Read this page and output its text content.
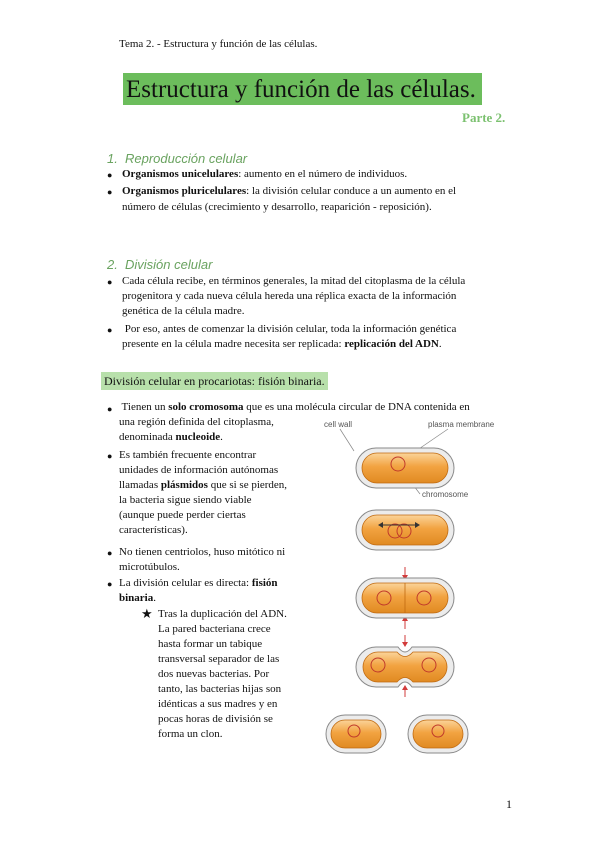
Tema 2. - Estructura y función de las células.
Estructura y función de las células.
Parte 2.
1. Reproducción celular
● Organismos unicelulares: aumento en el número de individuos.
● Organismos pluricelulares: la división celular conduce a un aumento en el
número de células (crecimiento y desarrollo, reaparición - reposición).
2. División celular
● Cada célula recibe, en términos generales, la mitad del citoplasma de la célula
progenitora y cada nueva célula hereda una réplica exacta de la información
genética de la célula madre.
● Por eso, antes de comenzar la división celular, toda la información genética
presente en la célula madre necesita ser replicada: replicación del ADN.
División celular en procariotas: fisión binaria.
● Tienen un solo cromosoma que es una molécula circular de DNA contenida en
una región definida del citoplasma,
denominada nucleoide.
● Es también frecuente encontrar
unidades de información autónomas
llamadas plásmidos que si se pierden,
la bacteria sigue siendo viable
(aunque puede perder ciertas
características).
● No tienen centriolos, huso mitótico ni
microtúbulos.
● La división celular es directa: fisión
binaria.
★ Tras la duplicación del ADN.
La pared bacteriana crece
hasta formar un tabique
transversal separador de las
dos nuevas bacterias. Por
tanto, las bacterias hijas son
idénticas a sus madres y en
pocas horas de división se
forma un clon.
cell wall	plasma membrane
chromosome
1
